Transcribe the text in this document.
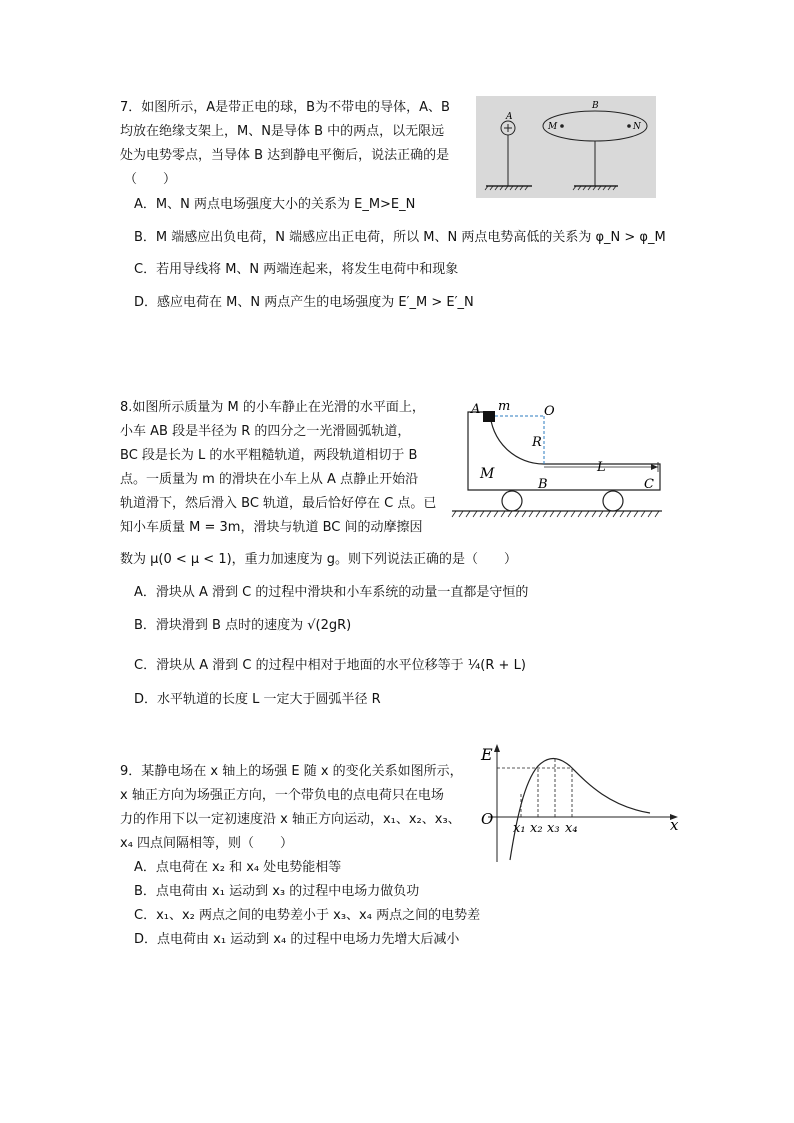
7．如图所示，A是带正电的球，B为不带电的导体，A、B
均放在绝缘支架上，M、N是导体 B 中的两点，以无限远
处为电势零点，当导体 B 达到静电平衡后，说法正确的是
（　　）
A．M、N 两点电场强度大小的关系为 E_M>E_N
B．M 端感应出负电荷，N 端感应出正电荷，所以 M、N 两点电势高低的关系为 φ_N > φ_M
C．若用导线将 M、N 两端连起来，将发生电荷中和现象
D．感应电荷在 M、N 两点产生的电场强度为 E′_M > E′_N
A
B
M	N
8.如图所示质量为 M 的小车静止在光滑的水平面上，
小车 AB 段是半径为 R 的四分之一光滑圆弧轨道，
BC 段是长为 L 的水平粗糙轨道，两段轨道相切于 B
点。一质量为 m 的滑块在小车上从 A 点静止开始沿
轨道滑下，然后滑入 BC 轨道，最后恰好停在 C 点。已
知小车质量 M = 3m，滑块与轨道 BC 间的动摩擦因
数为 μ(0 < μ < 1)，重力加速度为 g。则下列说法正确的是（　　）
A．滑块从 A 滑到 C 的过程中滑块和小车系统的动量一直都是守恒的
B．滑块滑到 B 点时的速度为 √(2gR)
C．滑块从 A 滑到 C 的过程中相对于地面的水平位移等于 ¼(R + L)
D．水平轨道的长度 L 一定大于圆弧半径 R
A m	O
R
M	L
B	C
9．某静电场在 x 轴上的场强 E 随 x 的变化关系如图所示，
x 轴正方向为场强正方向，一个带负电的点电荷只在电场
力的作用下以一定初速度沿 x 轴正方向运动，x₁、x₂、x₃、
x₄ 四点间隔相等，则（　　）
A．点电荷在 x₂ 和 x₄ 处电势能相等
B．点电荷由 x₁ 运动到 x₃ 的过程中电场力做负功
C．x₁、x₂ 两点之间的电势差小于 x₃、x₄ 两点之间的电势差
D．点电荷由 x₁ 运动到 x₄ 的过程中电场力先增大后减小
E
O	x
x₁ x₂ x₃ x₄
